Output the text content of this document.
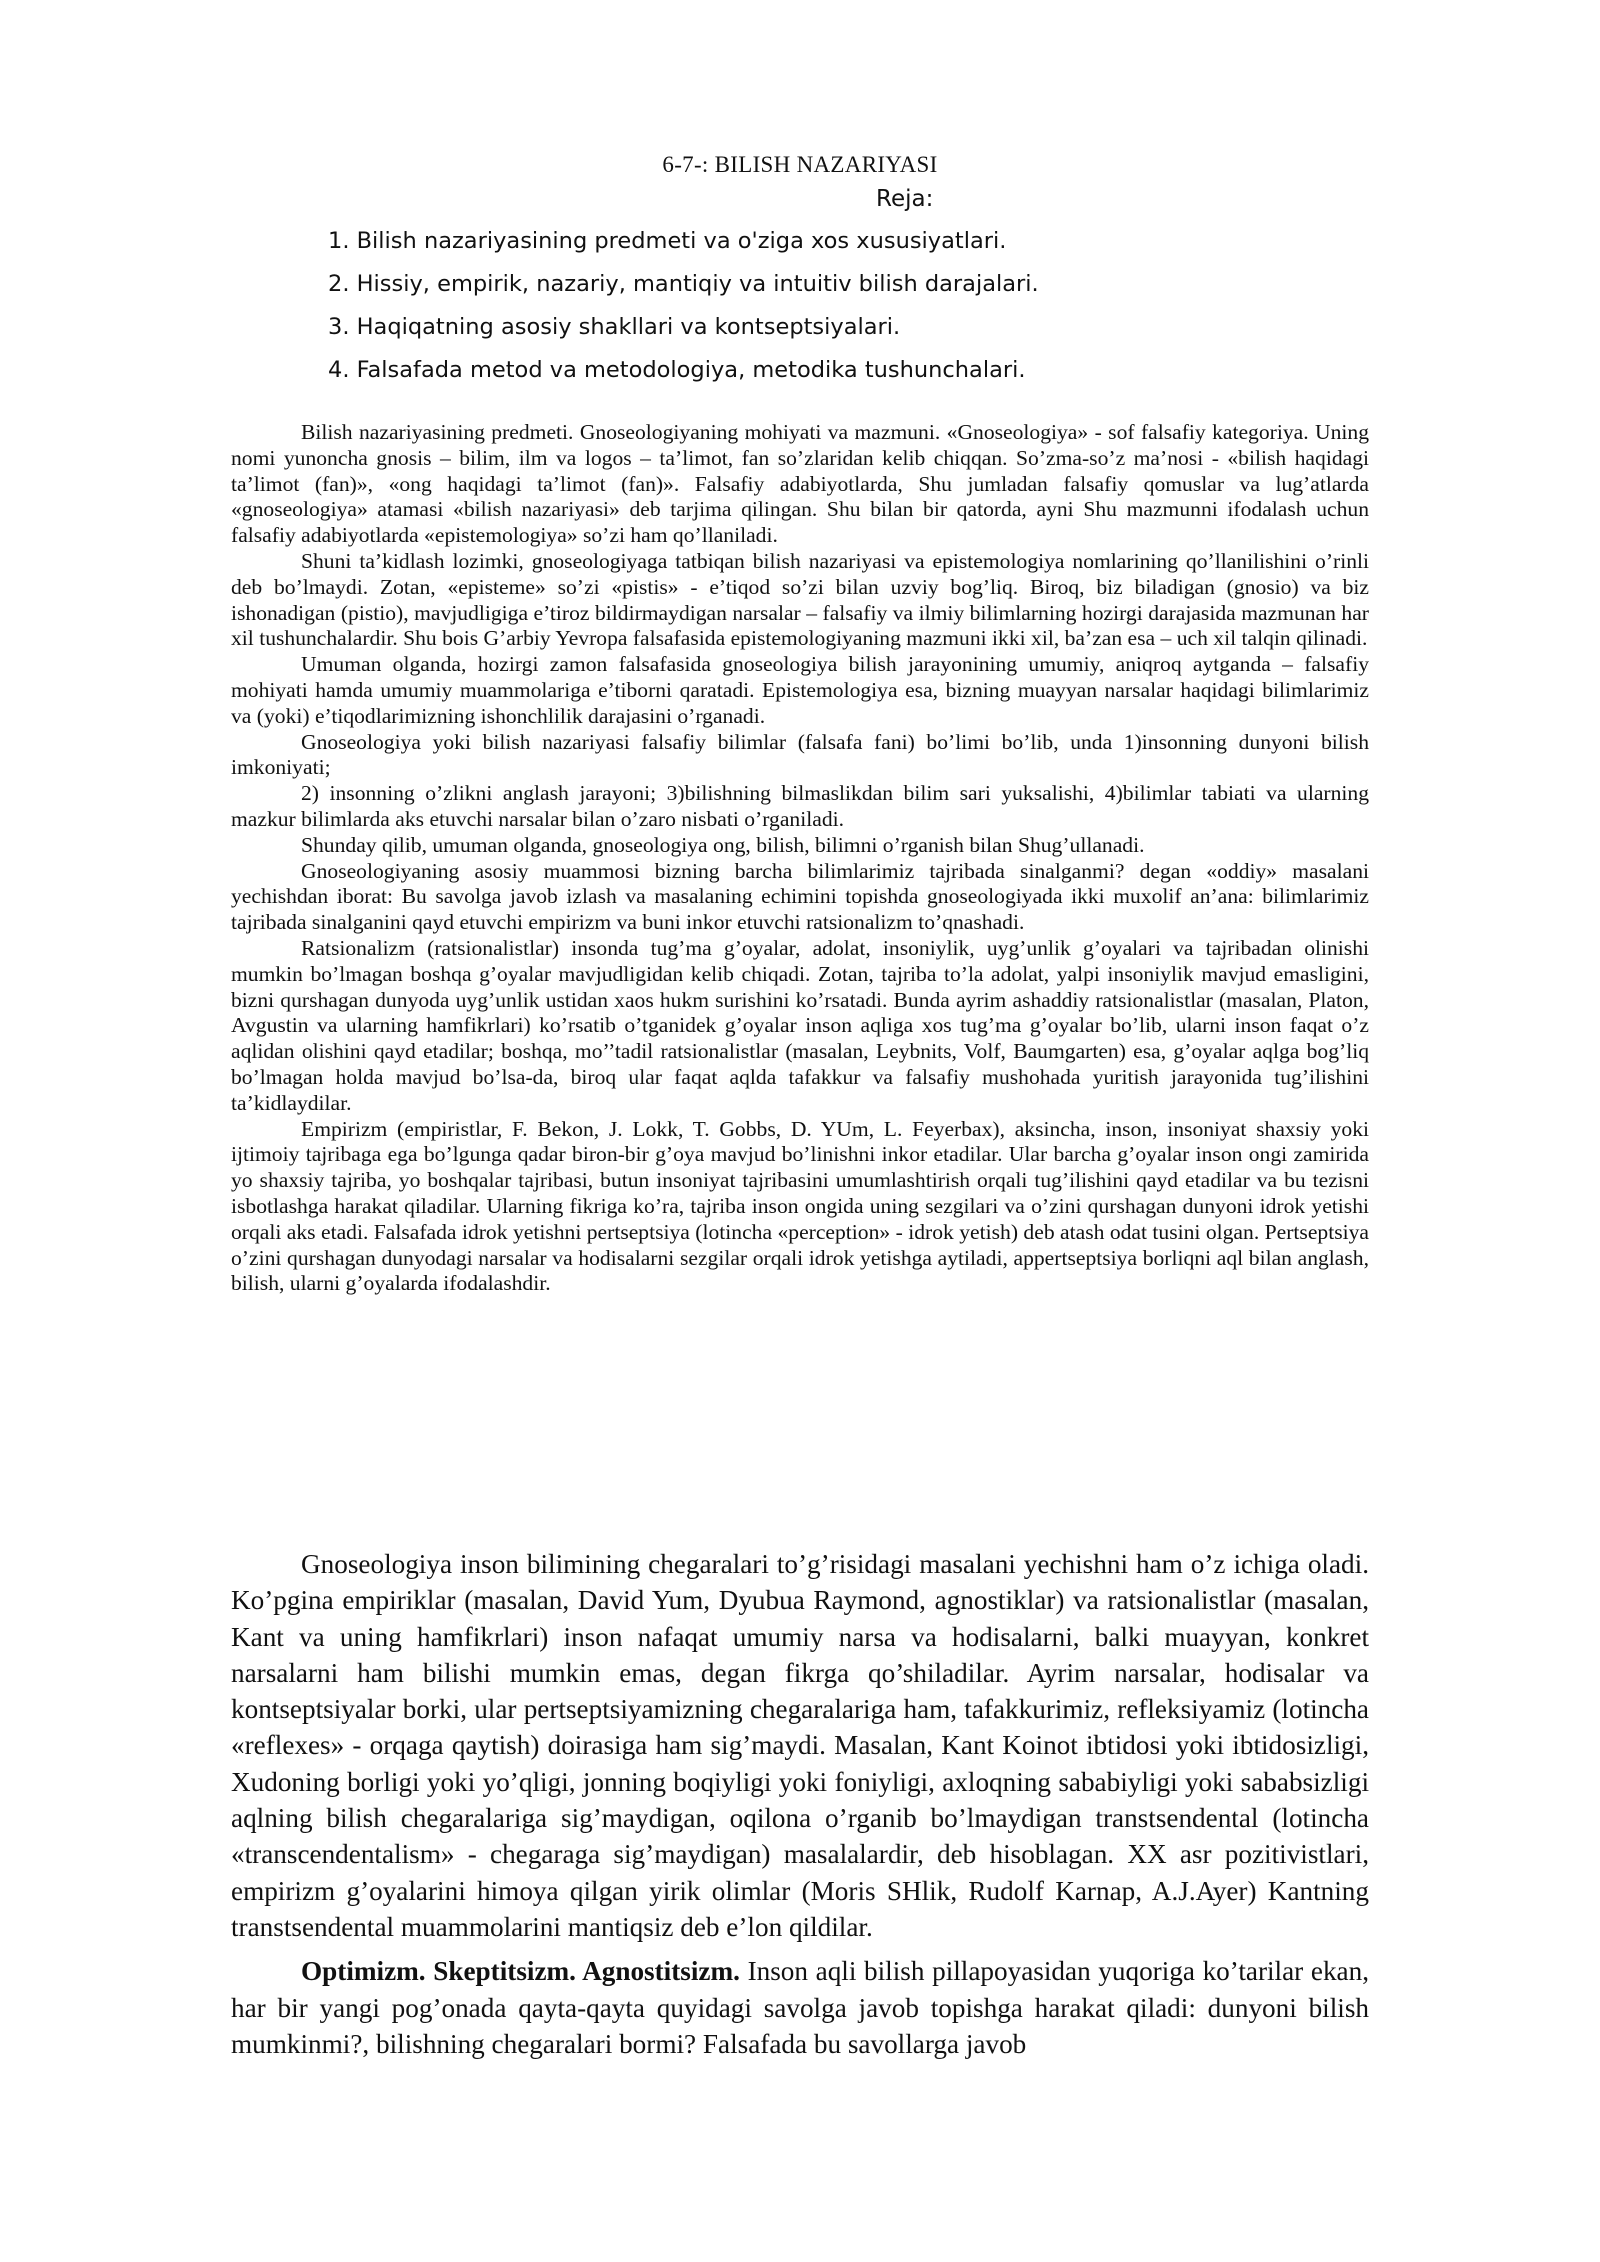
6-7-: BILISH NAZARIYASI
Reja:
1. Bilish nazariyasining predmeti va o'ziga xos xususiyatlari.
2. Hissiy, empirik, nazariy, mantiqiy va intuitiv bilish darajalari.
3. Haqiqatning asosiy shakllari va kontseptsiyalari.
4. Falsafada metod va metodologiya, metodika tushunchalari.

Bilish nazariyasining predmeti. Gnoseologiyaning mohiyati va mazmuni. «Gnoseologiya» - sof falsafiy kategoriya. Uning nomi yunoncha gnosis – bilim, ilm va logos – ta’limot, fan so’zlaridan kelib chiqqan. So’zma-so’z ma’nosi - «bilish haqidagi ta’limot (fan)», «ong haqidagi ta’limot (fan)». Falsafiy adabiyotlarda, Shu jumladan falsafiy qomuslar va lug’atlarda «gnoseologiya» atamasi «bilish nazariyasi» deb tarjima qilingan. Shu bilan bir qatorda, ayni Shu mazmunni ifodalash uchun falsafiy adabiyotlarda «epistemologiya» so’zi ham qo’llaniladi.

Shuni ta’kidlash lozimki, gnoseologiyaga tatbiqan bilish nazariyasi va epistemologiya nomlarining qo’llanilishini o’rinli deb bo’lmaydi. Zotan, «episteme» so’zi «pistis» - e’tiqod so’zi bilan uzviy bog’liq. Biroq, biz biladigan (gnosio) va biz ishonadigan (pistio), mavjudligiga e’tiroz bildirmaydigan narsalar – falsafiy va ilmiy bilimlarning hozirgi darajasida mazmunan har xil tushunchalardir. Shu bois G’arbiy Yevropa falsafasida epistemologiyaning mazmuni ikki xil, ba’zan esa – uch xil talqin qilinadi.

Umuman olganda, hozirgi zamon falsafasida gnoseologiya bilish jarayonining umumiy, aniqroq aytganda – falsafiy mohiyati hamda umumiy muammolariga e’tiborni qaratadi. Epistemologiya esa, bizning muayyan narsalar haqidagi bilimlarimiz va (yoki) e’tiqodlarimizning ishonchlilik darajasini o’rganadi.

Gnoseologiya yoki bilish nazariyasi falsafiy bilimlar (falsafa fani) bo’limi bo’lib, unda 1)insonning dunyoni bilish imkoniyati;

2) insonning o’zlikni anglash jarayoni; 3)bilishning bilmaslikdan bilim sari yuksalishi, 4)bilimlar tabiati va ularning mazkur bilimlarda aks etuvchi narsalar bilan o’zaro nisbati o’rganiladi.

Shunday qilib, umuman olganda, gnoseologiya ong, bilish, bilimni o’rganish bilan Shug’ullanadi.

Gnoseologiyaning asosiy muammosi bizning barcha bilimlarimiz tajribada sinalganmi? degan «oddiy» masalani yechishdan iborat: Bu savolga javob izlash va masalaning echimini topishda gnoseologiyada ikki muxolif an’ana: bilimlarimiz tajribada sinalganini qayd etuvchi empirizm va buni inkor etuvchi ratsionalizm to’qnashadi.

Ratsionalizm (ratsionalistlar) insonda tug’ma g’oyalar, adolat, insoniylik, uyg’unlik g’oyalari va tajribadan olinishi mumkin bo’lmagan boshqa g’oyalar mavjudligidan kelib chiqadi. Zotan, tajriba to’la adolat, yalpi insoniylik mavjud emasligini, bizni qurshagan dunyoda uyg’unlik ustidan xaos hukm surishini ko’rsatadi. Bunda ayrim ashaddiy ratsionalistlar (masalan, Platon, Avgustin va ularning hamfikrlari) ko’rsatib o’tganidek g’oyalar inson aqliga xos tug’ma g’oyalar bo’lib, ularni inson faqat o’z aqlidan olishini qayd etadilar; boshqa, mo’’tadil ratsionalistlar (masalan, Leybnits, Volf, Baumgarten) esa, g’oyalar aqlga bog’liq bo’lmagan holda mavjud bo’lsa-da, biroq ular faqat aqlda tafakkur va falsafiy mushohada yuritish jarayonida tug’ilishini ta’kidlaydilar.

Empirizm (empiristlar, F. Bekon, J. Lokk, T. Gobbs, D. YUm, L. Feyerbax), aksincha, inson, insoniyat shaxsiy yoki ijtimoiy tajribaga ega bo’lgunga qadar biron-bir g’oya mavjud bo’linishni inkor etadilar. Ular barcha g’oyalar inson ongi zamirida yo shaxsiy tajriba, yo boshqalar tajribasi, butun insoniyat tajribasini umumlashtirish orqali tug’ilishini qayd etadilar va bu tezisni isbotlashga harakat qiladilar. Ularning fikriga ko’ra, tajriba inson ongida uning sezgilari va o’zini qurshagan dunyoni idrok yetishi orqali aks etadi. Falsafada idrok yetishni pertseptsiya (lotincha «perception» - idrok yetish) deb atash odat tusini olgan. Pertseptsiya o’zini qurshagan dunyodagi narsalar va hodisalarni sezgilar orqali idrok yetishga aytiladi, appertseptsiya borliqni aql bilan anglash, bilish, ularni g’oyalarda ifodalashdir.

Gnoseologiya inson bilimining chegaralari to’g’risidagi masalani yechishni ham o’z ichiga oladi. Ko’pgina empiriklar (masalan, David Yum, Dyubua Raymond, agnostiklar) va ratsionalistlar (masalan, Kant va uning hamfikrlari) inson nafaqat umumiy narsa va hodisalarni, balki muayyan, konkret narsalarni ham bilishi mumkin emas, degan fikrga qo’shiladilar. Ayrim narsalar, hodisalar va kontseptsiyalar borki, ular pertseptsiyamizning chegaralariga ham, tafakkurimiz, refleksiyamiz (lotincha «reflexes» - orqaga qaytish) doirasiga ham sig’maydi. Masalan, Kant Koinot ibtidosi yoki ibtidosizligi, Xudoning borligi yoki yo’qligi, jonning boqiyligi yoki foniyligi, axloqning sababiyligi yoki sababsizligi aqlning bilish chegaralariga sig’maydigan, oqilona o’rganib bo’lmaydigan transtsendental (lotincha «transcendentalism» - chegaraga sig’maydigan) masalalardir, deb hisoblagan. XX asr pozitivistlari, empirizm g’oyalarini himoya qilgan yirik olimlar (Moris SHlik, Rudolf Karnap, A.J.Ayer) Kantning transtsendental muammolarini mantiqsiz deb e’lon qildilar.

Optimizm. Skeptitsizm. Agnostitsizm. Inson aqli bilish pillapoyasidan yuqoriga ko’tarilar ekan, har bir yangi pog’onada qayta-qayta quyidagi savolga javob topishga harakat qiladi: dunyoni bilish mumkinmi?, bilishning chegaralari bormi? Falsafada bu savollarga javob
